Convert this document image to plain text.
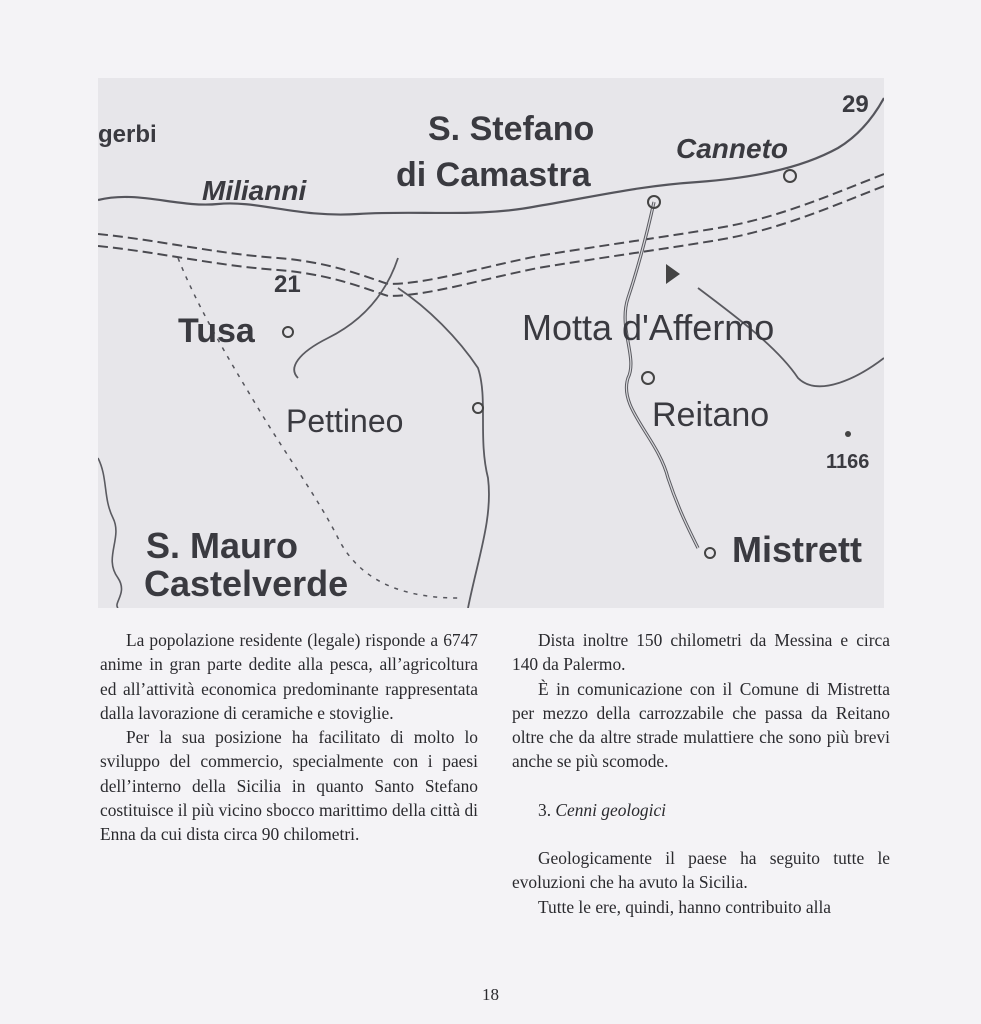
gerbi	S. Stefano
di Camastra
Canneto
29
Milianni
21
Tusa	Motta d'Affermo
Pettineo	Reitano
1166
S. Mauro
Castelverde
Mistrett

La popolazione residente (legale) risponde a 6747 anime in gran parte dedite alla pesca, all’agricoltura ed all’attività economica predominante rappresentata dalla lavorazione di ceramiche e stoviglie.

Per la sua posizione ha facilitato di molto lo sviluppo del commercio, specialmente con i paesi dell’interno della Sicilia in quanto Santo Stefano costituisce il più vicino sbocco marittimo della città di Enna da cui dista circa 90 chilometri.

Dista inoltre 150 chilometri da Messina e circa 140 da Palermo.

È in comunicazione con il Comune di Mistretta per mezzo della carrozzabile che passa da Reitano oltre che da altre strade mulattiere che sono più brevi anche se più scomode.

3. Cenni geologici

Geologicamente il paese ha seguito tutte le evoluzioni che ha avuto la Sicilia.

Tutte le ere, quindi, hanno contribuito alla

18
